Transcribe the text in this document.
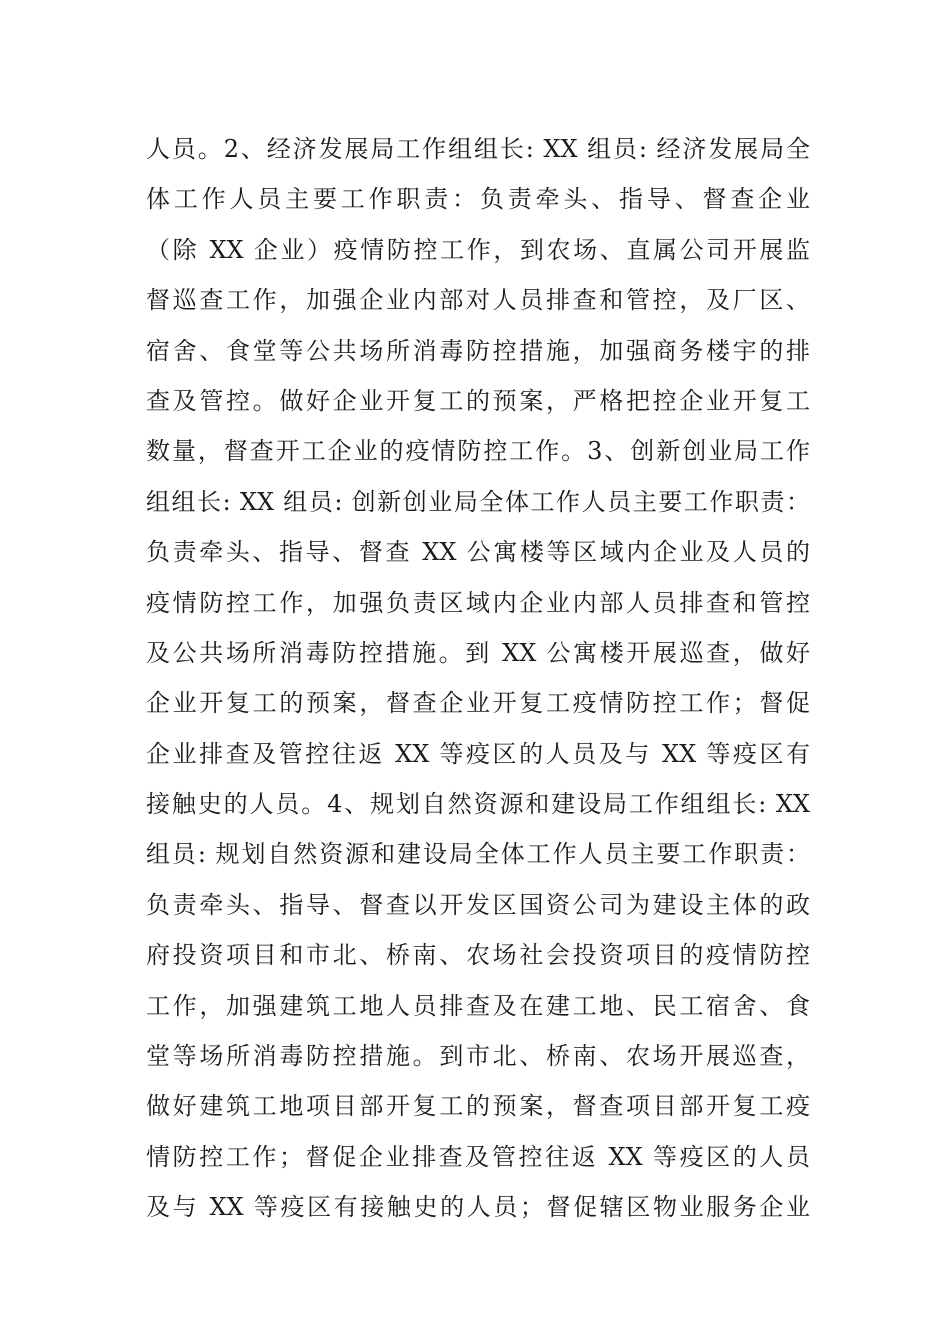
人员。2、经济发展局工作组组长: XX 组员: 经济发展局全
体工作人员主要工作职责：负责牵头、指导、督查企业
（除 XX 企业）疫情防控工作，到农场、直属公司开展监
督巡查工作，加强企业内部对人员排查和管控，及厂区、
宿舍、食堂等公共场所消毒防控措施，加强商务楼宇的排
查及管控。做好企业开复工的预案，严格把控企业开复工
数量，督查开工企业的疫情防控工作。3、创新创业局工作
组组长: XX 组员: 创新创业局全体工作人员主要工作职责：
负责牵头、指导、督查 XX 公寓楼等区域内企业及人员的
疫情防控工作，加强负责区域内企业内部人员排查和管控
及公共场所消毒防控措施。到 XX 公寓楼开展巡查，做好
企业开复工的预案，督查企业开复工疫情防控工作；督促
企业排查及管控往返 XX 等疫区的人员及与 XX 等疫区有
接触史的人员。4、规划自然资源和建设局工作组组长: XX
组员: 规划自然资源和建设局全体工作人员主要工作职责：
负责牵头、指导、督查以开发区国资公司为建设主体的政
府投资项目和市北、桥南、农场社会投资项目的疫情防控
工作，加强建筑工地人员排查及在建工地、民工宿舍、食
堂等场所消毒防控措施。到市北、桥南、农场开展巡查，
做好建筑工地项目部开复工的预案，督查项目部开复工疫
情防控工作；督促企业排查及管控往返 XX 等疫区的人员
及与 XX 等疫区有接触史的人员；督促辖区物业服务企业
